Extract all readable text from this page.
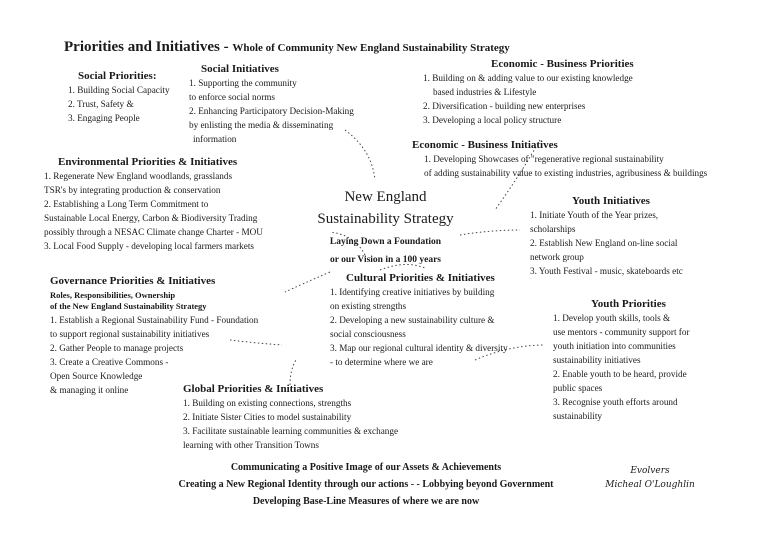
Priorities and Initiatives - Whole of Community New England Sustainability Strategy
Social Priorities:
1. Building Social Capacity
2. Trust, Safety &
3. Engaging People
Social Initiatives
1. Supporting the community
to enforce social norms
2. Enhancing Participatory Decision-Making
by enlisting the media & disseminating
information
Economic - Business Priorities
1. Building on & adding value to our existing knowledge
based industries & Lifestyle
2. Diversification - building new enterprises
3. Developing a local policy structure
Economic - Business Initiatives
1. Developing Showcases of "regenerative regional sustainability
of adding sustainability value to existing industries, agribusiness & buildings
Environmental Priorities & Initiatives
1. Regenerate New England woodlands, grasslands
TSR's by integrating production & conservation
2. Establishing a Long Term Commitment to
Sustainable Local Energy, Carbon & Biodiversity Trading
possibly through a NESAC Climate change Charter - MOU
3. Local Food Supply - developing local farmers markets
New England
Sustainability Strategy
Laying Down a Foundation
or our Vision in a 100 years
Youth Initiatives
1. Initiate Youth of the Year prizes,
scholarships
2. Establish New England on-line social
network group
3. Youth Festival - music, skateboards etc
Governance Priorities & Initiatives
Roles, Responsibilities, Ownership
of the New England Sustainability Strategy
1. Establish a Regional Sustainability Fund - Foundation
to support regional sustainability initiatives
2. Gather People to manage projects
3. Create a Creative Commons -
Open Source Knowledge
& managing it online
Cultural Priorities & Initiatives
1. Identifying creative initiatives by building
on existing strengths
2. Developing a new sustainability culture &
social consciousness
3. Map our regional cultural identity & diversity
- to determine where we are
Youth Priorities
1. Develop youth skills, tools &
use mentors - community support for
youth initiation into communities
sustainability initiatives
2. Enable youth to be heard, provide
public spaces
3. Recognise youth efforts around
sustainability
Global Priorities & Initiatives
1. Building on existing connections, strengths
2. Initiate Sister Cities to model sustainability
3. Facilitate sustainable learning communities & exchange
learning with other Transition Towns
Communicating a Positive Image of our Assets & Achievements
Creating a New Regional Identity through our actions - - Lobbying beyond Government
Developing Base-Line Measures of where we are now
Evolvers
Micheal O'Loughlin
